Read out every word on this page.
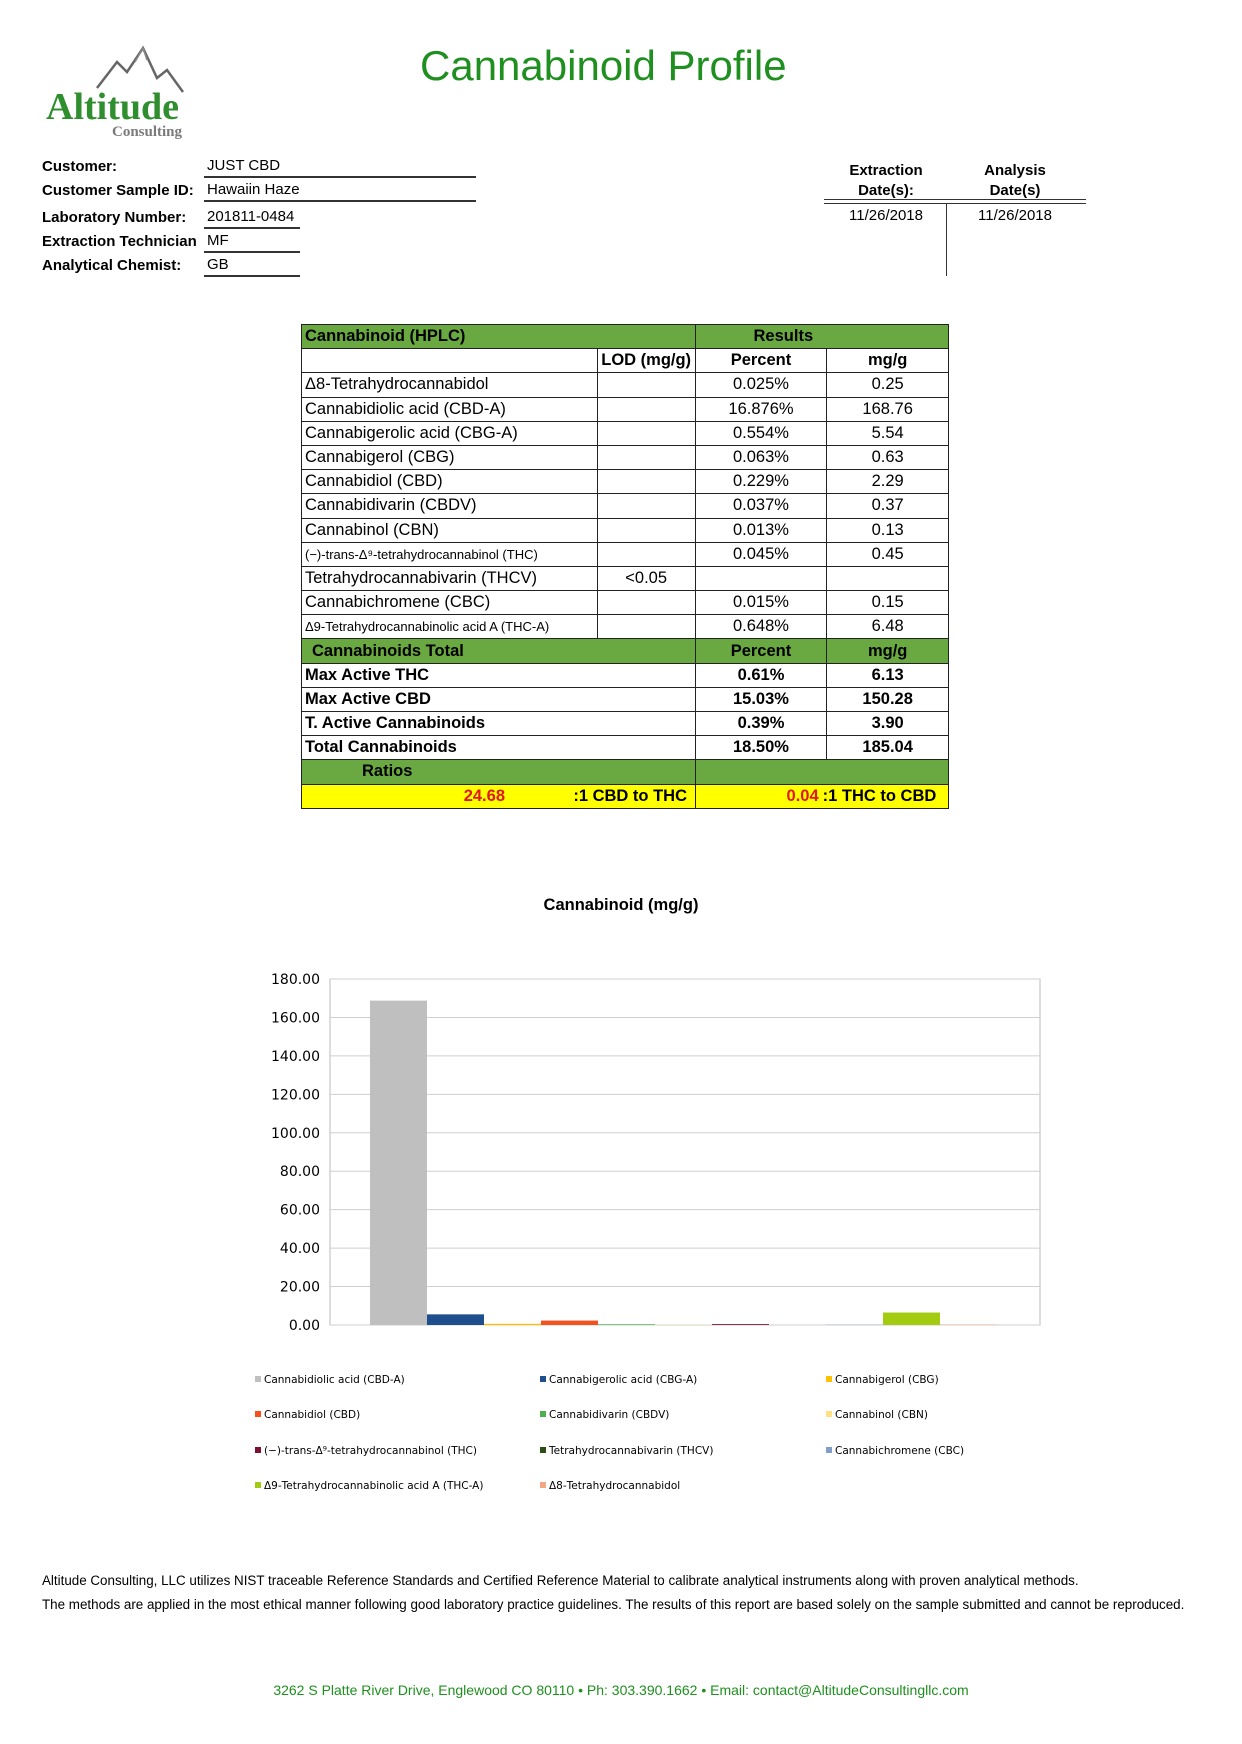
Altitude
Consulting
Cannabinoid Profile
Customer:	JUST CBD
Customer Sample ID: Hawaiin Haze
Laboratory Number: 201811-0484
Extraction Technician MF
Analytical Chemist: GB
Extraction
Date(s):
Analysis
Date(s)
11/26/2018	11/26/2018
Cannabinoid (HPLC)		Results	
	LOD (mg/g)	Percent	mg/g
Δ8-Tetrahydrocannabidol		0.025%	0.25
Cannabidiolic acid (CBD-A)		16.876%	168.76
Cannabigerolic acid (CBG-A)		0.554%	5.54
Cannabigerol (CBG)		0.063%	0.63
Cannabidiol (CBD)		0.229%	2.29
Cannabidivarin (CBDV)		0.037%	0.37
Cannabinol (CBN)		0.013%	0.13
(−)-trans-Δ⁹-tetrahydrocannabinol (THC)		0.045%	0.45
Tetrahydrocannabivarin (THCV)	<0.05		
Cannabichromene (CBC)		0.015%	0.15
Δ9-Tetrahydrocannabinolic acid A (THC-A)		0.648%	6.48
Cannabinoids Total		Percent	mg/g
Max Active THC		0.61%	6.13
Max Active CBD		15.03%	150.28
T. Active Cannabinoids		0.39%	3.90
Total Cannabinoids		18.50%	185.04
Ratios			
24.68 :1 CBD to THC		0.04 :1 THC to CBD	
Cannabinoid (mg/g)
0.00
20.00
40.00
60.00
80.00
100.00
120.00
140.00
160.00
180.00
Cannabidiolic acid (CBD-A)	Cannabigerolic acid (CBG-A)	Cannabigerol (CBG)
Cannabidiol (CBD)	Cannabidivarin (CBDV)	Cannabinol (CBN)
(−)-trans-Δ⁹-tetrahydrocannabinol (THC)	Tetrahydrocannabivarin (THCV)	Cannabichromene (CBC)
Δ9-Tetrahydrocannabinolic acid A (THC-A)	Δ8-Tetrahydrocannabidol
Altitude Consulting, LLC utilizes NIST traceable Reference Standards and Certified Reference Material to calibrate analytical instruments along with proven analytical methods.
The methods are applied in the most ethical manner following good laboratory practice guidelines. The results of this report are based solely on the sample submitted and cannot be reproduced.
3262 S Platte River Drive, Englewood CO 80110 • Ph: 303.390.1662 • Email: contact@AltitudeConsultingllc.com
